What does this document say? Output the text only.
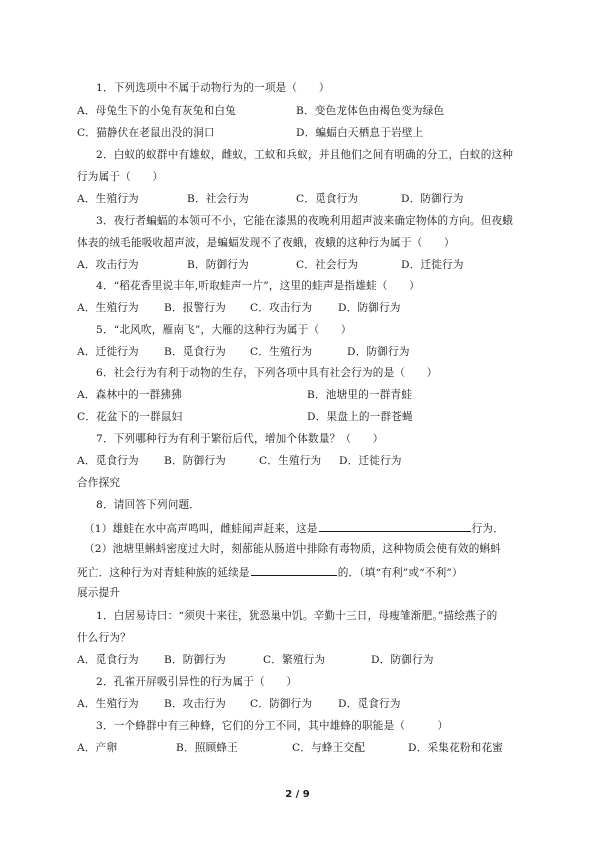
1．下列选项中不属于动物行为的一项是（　　）
A．母兔生下的小兔有灰兔和白兔	B．变色龙体色由褐色变为绿色
C．猫静伏在老鼠出没的洞口	D．蝙蝠白天栖息于岩壁上
2．白蚁的蚁群中有雄蚁，雌蚁，工蚁和兵蚁，并且他们之间有明确的分工，白蚁的这种
行为属于（　　）
A．生殖行为	B．社会行为	C．觅食行为	D．防御行为
3．夜行者蝙蝠的本领可不小，它能在漆黑的夜晚利用超声波来确定物体的方向。但夜蛾
体表的绒毛能吸收超声波，是蝙蝠发现不了夜蛾，夜蛾的这种行为属于（　　）
A．攻击行为	B．防御行为	C．社会行为	D．迁徙行为
4．“稻花香里说丰年,听取蛙声一片”，这里的蛙声是指雄蛙（　　）
A．生殖行为 B．报警行为 C．攻击行为 D．防御行为
5．“北风吹，雁南飞”，大雁的这种行为属于（　　）
A．迁徙行为 B．觅食行为 C．生殖行为	D．防御行为
6．社会行为有利于动物的生存，下列各项中具有社会行为的是（　　）
A．森林中的一群狒狒	B．池塘里的一群青蛙
C．花盆下的一群鼠妇	D．果盘上的一群苍蝇
7．下列哪种行为有利于繁衍后代，增加个体数量？（　　）
A．觅食行为 B．防御行为	C．生殖行为 D．迁徙行为
合作探究
8．请回答下列问题．
（1）雄蛙在水中高声鸣叫，雌蛙闻声赶来，这是	行为．
（2）池塘里蝌蚪密度过大时，刻蔀能从肠道中排除有毒物质，这种物质会使有效的蝌蚪
死亡．这种行为对青蛙种族的延续是	的．（填“有利”或“不利”）
展示提升
1．白居易诗曰：“须臾十来往，犹恐巢中饥。辛勤十三日，母瘦雏渐肥。”描绘燕子的
什么行为？
A．觅食行为 B．防御行为	C．繁殖行为	D．防御行为
2．孔雀开屏吸引异性的行为属于（　　）
A．生殖行为 B．攻击行为 C．防御行为 D．觅食行为
3．一个蜂群中有三种蜂，它们的分工不同，其中雄蜂的职能是（　　　）
A．产卵	B．照顾蜂王	C．与蜂王交配	D．采集花粉和花蜜
2 / 9
